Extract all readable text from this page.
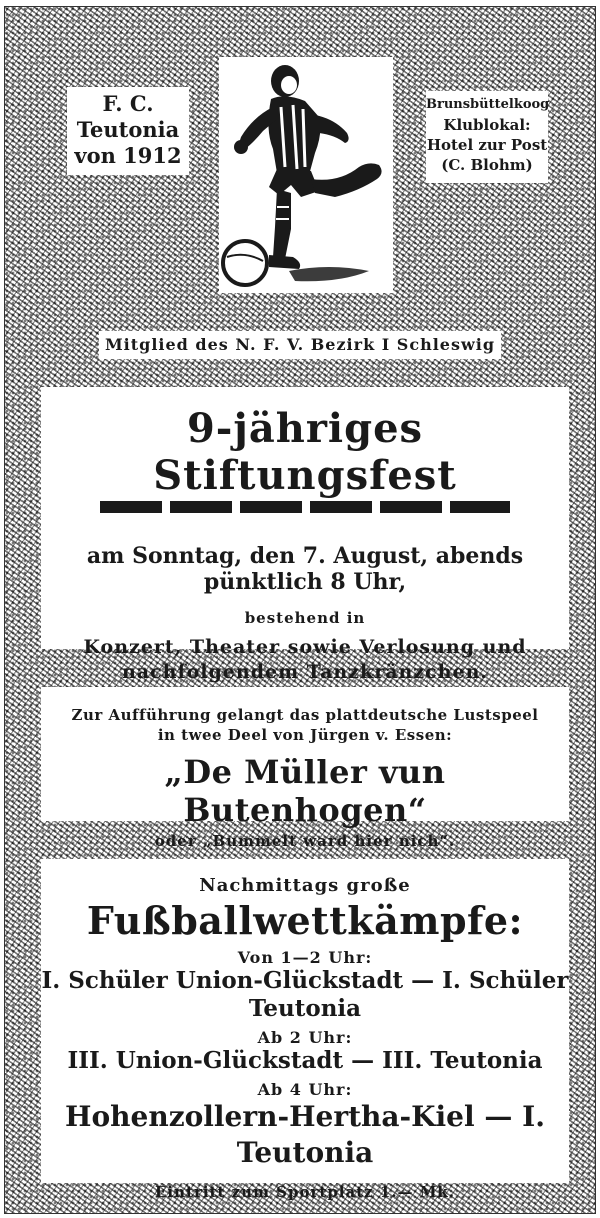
F. C.
Teutonia
von 1912
Brunsbüttelkoog
Klublokal:
Hotel zur Post
(C. Blohm)
Mitglied des N. F. V. Bezirk I Schleswig
9-jähriges Stiftungsfest
am Sonntag, den 7. August, abends pünktlich 8 Uhr,
bestehend in
Konzert, Theater sowie Verlosung und
nachfolgendem Tanzkränzchen.
Zur Aufführung gelangt das plattdeutsche Lustspeel
in twee Deel von Jürgen v. Essen:
„De Müller vun Butenhogen“
oder „Bummelt ward hier nich“.
Nachmittags große
Fußballwettkämpfe:
Von 1—2 Uhr:
I. Schüler Union-Glückstadt — I. Schüler Teutonia
Ab 2 Uhr:
III. Union-Glückstadt — III. Teutonia
Ab 4 Uhr:
Hohenzollern-Hertha-Kiel — I. Teutonia
Eintritt zum Sportplatz 1.— Mk.
